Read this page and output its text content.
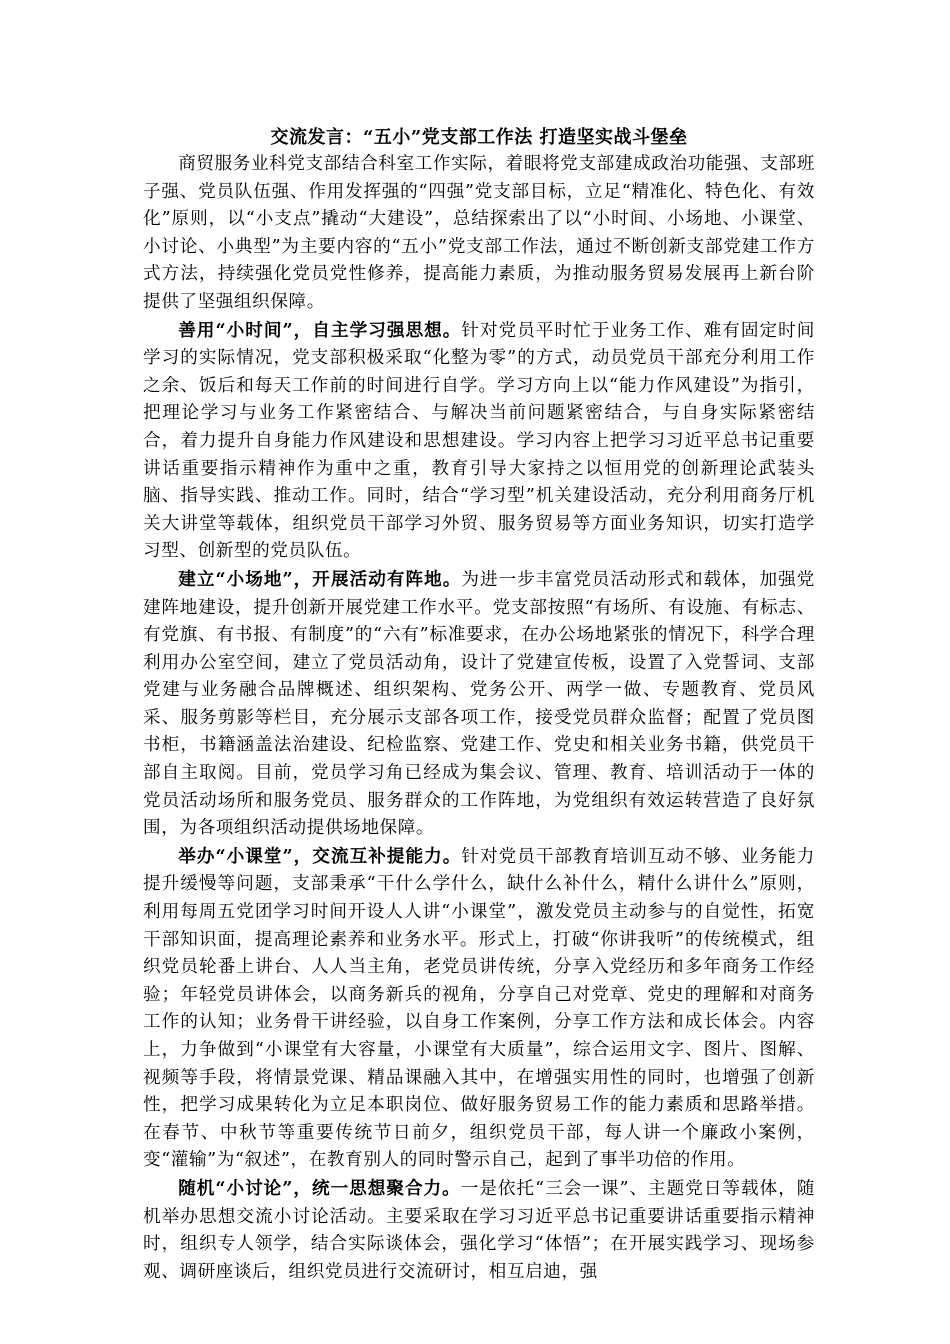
交流发言：“五小”党支部工作法 打造坚实战斗堡垒

商贸服务业科党支部结合科室工作实际，着眼将党支部建成政治功能强、支部班子强、党员队伍强、作用发挥强的“四强”党支部目标，立足“精准化、特色化、有效化”原则，以“小支点”撬动“大建设”，总结探索出了以“小时间、小场地、小课堂、小讨论、小典型”为主要内容的“五小”党支部工作法，通过不断创新支部党建工作方式方法，持续强化党员党性修养，提高能力素质，为推动服务贸易发展再上新台阶提供了坚强组织保障。

善用“小时间”，自主学习强思想。针对党员平时忙于业务工作、难有固定时间学习的实际情况，党支部积极采取“化整为零”的方式，动员党员干部充分利用工作之余、饭后和每天工作前的时间进行自学。学习方向上以“能力作风建设”为指引，把理论学习与业务工作紧密结合、与解决当前问题紧密结合，与自身实际紧密结合，着力提升自身能力作风建设和思想建设。学习内容上把学习习近平总书记重要讲话重要指示精神作为重中之重，教育引导大家持之以恒用党的创新理论武装头脑、指导实践、推动工作。同时，结合“学习型”机关建设活动，充分利用商务厅机关大讲堂等载体，组织党员干部学习外贸、服务贸易等方面业务知识，切实打造学习型、创新型的党员队伍。

建立“小场地”，开展活动有阵地。为进一步丰富党员活动形式和载体，加强党建阵地建设，提升创新开展党建工作水平。党支部按照“有场所、有设施、有标志、有党旗、有书报、有制度”的“六有”标准要求，在办公场地紧张的情况下，科学合理利用办公室空间，建立了党员活动角，设计了党建宣传板，设置了入党誓词、支部党建与业务融合品牌概述、组织架构、党务公开、两学一做、专题教育、党员风采、服务剪影等栏目，充分展示支部各项工作，接受党员群众监督；配置了党员图书柜，书籍涵盖法治建设、纪检监察、党建工作、党史和相关业务书籍，供党员干部自主取阅。目前，党员学习角已经成为集会议、管理、教育、培训活动于一体的党员活动场所和服务党员、服务群众的工作阵地，为党组织有效运转营造了良好氛围，为各项组织活动提供场地保障。

举办“小课堂”，交流互补提能力。针对党员干部教育培训互动不够、业务能力提升缓慢等问题，支部秉承“干什么学什么，缺什么补什么，精什么讲什么”原则，利用每周五党团学习时间开设人人讲“小课堂”，激发党员主动参与的自觉性，拓宽干部知识面，提高理论素养和业务水平。形式上，打破“你讲我听”的传统模式，组织党员轮番上讲台、人人当主角，老党员讲传统，分享入党经历和多年商务工作经验；年轻党员讲体会，以商务新兵的视角，分享自己对党章、党史的理解和对商务工作的认知；业务骨干讲经验，以自身工作案例，分享工作方法和成长体会。内容上，力争做到“小课堂有大容量，小课堂有大质量”，综合运用文字、图片、图解、视频等手段，将情景党课、精品课融入其中，在增强实用性的同时，也增强了创新性，把学习成果转化为立足本职岗位、做好服务贸易工作的能力素质和思路举措。在春节、中秋节等重要传统节日前夕，组织党员干部，每人讲一个廉政小案例，变“灌输”为“叙述”，在教育别人的同时警示自己，起到了事半功倍的作用。

随机“小讨论”，统一思想聚合力。一是依托“三会一课”、主题党日等载体，随机举办思想交流小讨论活动。主要采取在学习习近平总书记重要讲话重要指示精神时，组织专人领学，结合实际谈体会，强化学习“体悟”；在开展实践学习、现场参观、调研座谈后，组织党员进行交流研讨，相互启迪，强
